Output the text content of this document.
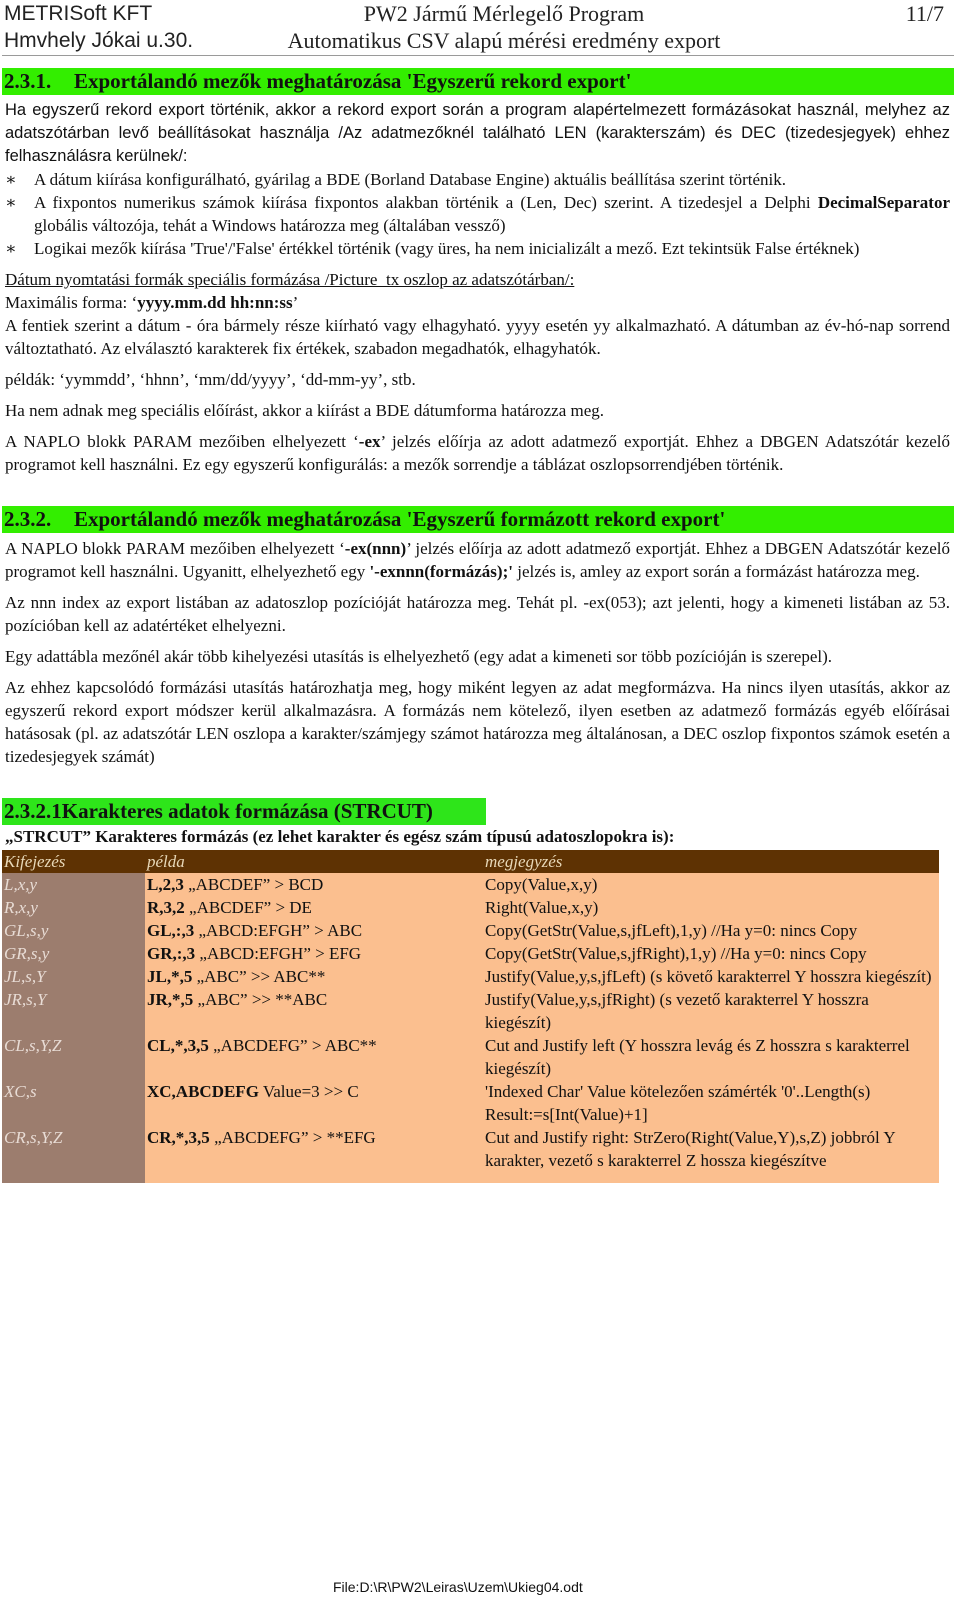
METRISoft KFT
Hmvhely Jókai u.30.
PW2 Jármű Mérlegelő Program
Automatikus CSV alapú mérési eredmény export
11/7
2.3.1. Exportálandó mezők meghatározása 'Egyszerű rekord export'
Ha egyszerű rekord export történik, akkor a rekord export során a program alapértelmezett formázásokat használ, melyhez az adatszótárban levő beállításokat használja /Az adatmezőknél található LEN (karakterszám) és DEC (tizedesjegyek) ehhez felhasználásra kerülnek/:
∗ A dátum kiírása konfigurálható, gyárilag a BDE (Borland Database Engine) aktuális beállítása szerint történik.
∗ A fixpontos numerikus számok kiírása fixpontos alakban történik a (Len, Dec) szerint. A tizedesjel a Delphi DecimalSeparator globális változója, tehát a Windows határozza meg (általában vessző)
∗ Logikai mezők kiírása 'True'/'False' értékkel történik (vagy üres, ha nem inicializált a mező. Ezt tekintsük False értéknek)
Dátum nyomtatási formák speciális formázása /Picture_tx oszlop az adatszótárban/:
Maximális forma: ‘yyyy.mm.dd hh:nn:ss’
A fentiek szerint a dátum - óra bármely része kiírható vagy elhagyható. yyyy esetén yy alkalmazható. A dátumban az év-hó-nap sorrend változtatható. Az elválasztó karakterek fix értékek, szabadon megadhatók, elhagyhatók.
példák: ‘yymmdd’, ‘hhnn’, ‘mm/dd/yyyy’, ‘dd-mm-yy’, stb.
Ha nem adnak meg speciális előírást, akkor a kiírást a BDE dátumforma határozza meg.
A NAPLO blokk PARAM mezőiben elhelyezett ‘-ex’ jelzés előírja az adott adatmező exportját. Ehhez a DBGEN Adatszótár kezelő programot kell használni. Ez egy egyszerű konfigurálás: a mezők sorrendje a táblázat oszlopsorrendjében történik.
2.3.2. Exportálandó mezők meghatározása 'Egyszerű formázott rekord export'
A NAPLO blokk PARAM mezőiben elhelyezett ‘-ex(nnn)’ jelzés előírja az adott adatmező exportját. Ehhez a DBGEN Adatszótár kezelő programot kell használni. Ugyanitt, elhelyezhető egy '-exnnn(formázás);' jelzés is, amley az export során a formázást határozza meg.
Az nnn index az export listában az adatoszlop pozícióját határozza meg. Tehát pl. -ex(053); azt jelenti, hogy a kimeneti listában az 53. pozícióban kell az adatértéket elhelyezni.
Egy adattábla mezőnél akár több kihelyezési utasítás is elhelyezhető (egy adat a kimeneti sor több pozícióján is szerepel).
Az ehhez kapcsolódó formázási utasítás határozhatja meg, hogy miként legyen az adat megformázva. Ha nincs ilyen utasítás, akkor az egyszerű rekord export módszer kerül alkalmazásra. A formázás nem kötelező, ilyen esetben az adatmező formázás egyéb előírásai hatásosak (pl. az adatszótár LEN oszlopa a karakter/számjegy számot határozza meg általánosan, a DEC oszlop fixpontos számok esetén a tizedesjegyek számát)
2.3.2.1Karakteres adatok formázása (STRCUT)
„STRCUT” Karakteres formázás (ez lehet karakter és egész szám típusú adatoszlopokra is):
Kifejezés	példa	megjegyzés
L,x,y	L,2,3 „ABCDEF” > BCD	Copy(Value,x,y)
R,x,y	R,3,2 „ABCDEF” > DE	Right(Value,x,y)
GL,s,y	GL,:,3 „ABCD:EFGH” > ABC	Copy(GetStr(Value,s,jfLeft),1,y) //Ha y=0: nincs Copy
GR,s,y	GR,:,3 „ABCD:EFGH” > EFG	Copy(GetStr(Value,s,jfRight),1,y) //Ha y=0: nincs Copy
JL,s,Y	JL,*,5 „ABC” >> ABC**	Justify(Value,y,s,jfLeft) (s követő karakterrel Y hosszra kiegészít)
JR,s,Y	JR,*,5 „ABC” >> **ABC	Justify(Value,y,s,jfRight) (s vezető karakterrel Y hosszra kiegészít)
CL,s,Y,Z	CL,*,3,5 „ABCDEFG” > ABC**	Cut and Justify left (Y hosszra levág és Z hosszra s karakterrel kiegészít)
XC,s	XC,ABCDEFG Value=3 >> C	'Indexed Char' Value kötelezően számérték '0'..Length(s) Result:=s[Int(Value)+1]
CR,s,Y,Z	CR,*,3,5 „ABCDEFG” > **EFG	Cut and Justify right: StrZero(Right(Value,Y),s,Z) jobbról Y karakter, vezető s karakterrel Z hossza kiegészítve
File:D:\R\PW2\Leiras\Uzem\Ukieg04.odt
